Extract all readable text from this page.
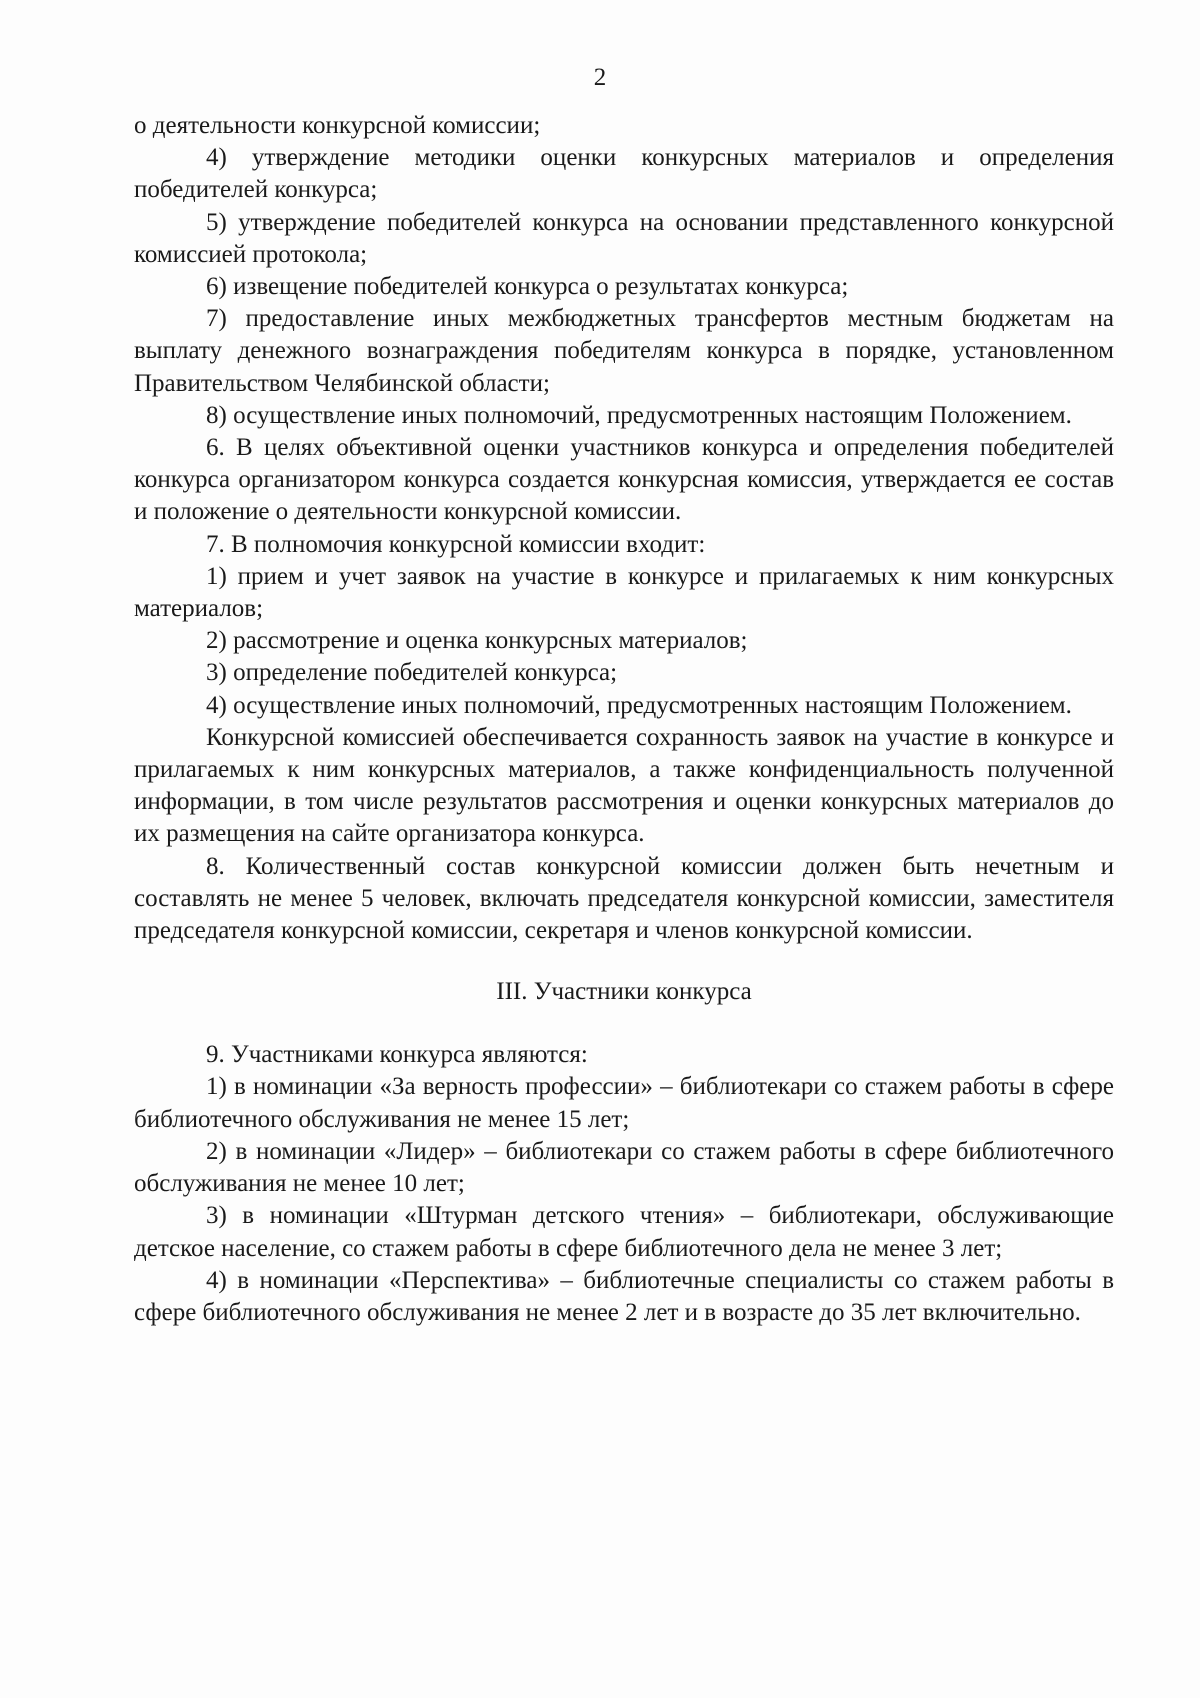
2

о деятельности конкурсной комиссии;

4) утверждение методики оценки конкурсных материалов и определения победителей конкурса;

5) утверждение победителей конкурса на основании представленного конкурсной комиссией протокола;

6) извещение победителей конкурса о результатах конкурса;

7) предоставление иных межбюджетных трансфертов местным бюджетам на выплату денежного вознаграждения победителям конкурса в порядке, установленном Правительством Челябинской области;

8) осуществление иных полномочий, предусмотренных настоящим Положением.

6. В целях объективной оценки участников конкурса и определения победителей конкурса организатором конкурса создается конкурсная комиссия, утверждается ее состав и положение о деятельности конкурсной комиссии.

7. В полномочия конкурсной комиссии входит:

1) прием и учет заявок на участие в конкурсе и прилагаемых к ним конкурсных материалов;

2) рассмотрение и оценка конкурсных материалов;

3) определение победителей конкурса;

4) осуществление иных полномочий, предусмотренных настоящим Положением.

Конкурсной комиссией обеспечивается сохранность заявок на участие в конкурсе и прилагаемых к ним конкурсных материалов, а также конфиденциальность полученной информации, в том числе результатов рассмотрения и оценки конкурсных материалов до их размещения на сайте организатора конкурса.

8. Количественный состав конкурсной комиссии должен быть нечетным и составлять не менее 5 человек, включать председателя конкурсной комиссии, заместителя председателя конкурсной комиссии, секретаря и членов конкурсной комиссии.

III. Участники конкурса

9. Участниками конкурса являются:

1) в номинации «За верность профессии» – библиотекари со стажем работы в сфере библиотечного обслуживания не менее 15 лет;

2) в номинации «Лидер» – библиотекари со стажем работы в сфере библиотечного обслуживания не менее 10 лет;

3) в номинации «Штурман детского чтения» – библиотекари, обслуживающие детское население, со стажем работы в сфере библиотечного дела не менее 3 лет;

4) в номинации «Перспектива» – библиотечные специалисты со стажем работы в сфере библиотечного обслуживания не менее 2 лет и в возрасте до 35 лет включительно.
